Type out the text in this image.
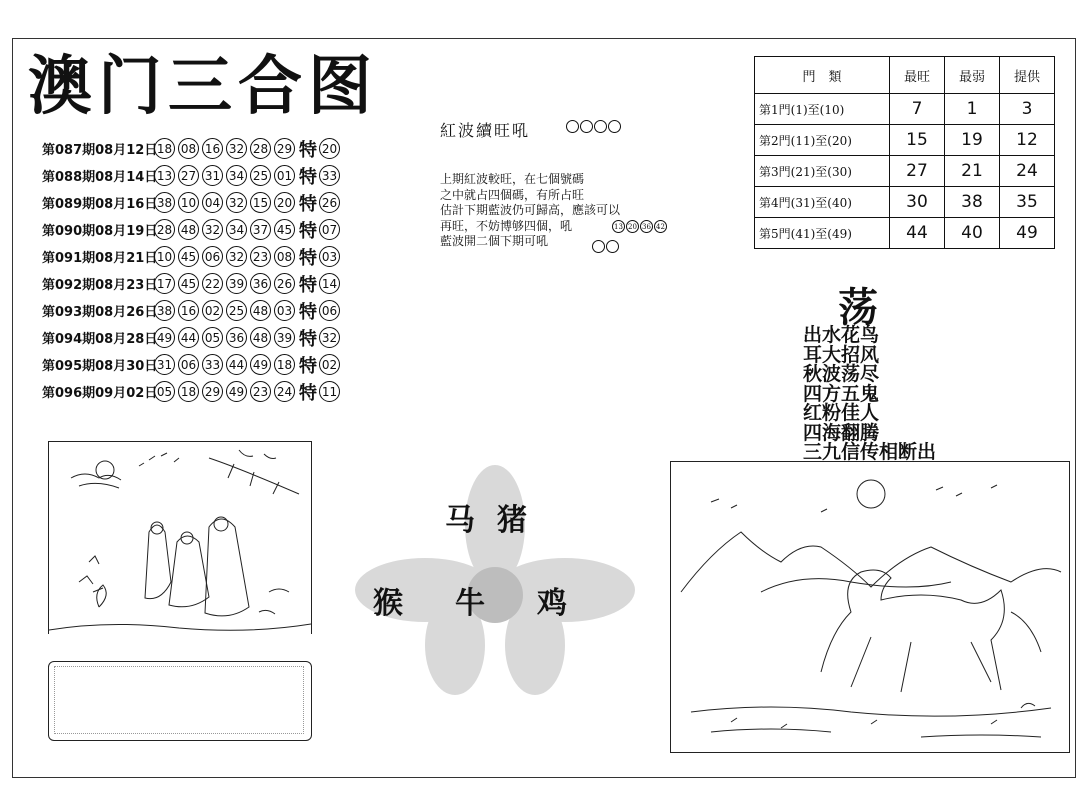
澳门三合图
第087期08月12日 18 08 16 32 28 29 特 20
第088期08月14日 13 27 31 34 25 01 特 33
第089期08月16日 38 10 04 32 15 20 特 26
第090期08月19日 28 48 32 34 37 45 特 07
第091期08月21日 10 45 06 32 23 08 特 03
第092期08月23日 17 45 22 39 36 26 特 14
第093期08月26日 38 16 02 25 48 03 特 06
第094期08月28日 49 44 05 36 48 39 特 32
第095期08月30日 31 06 33 44 49 18 特 02
第096期09月02日 05 18 29 49 23 24 特 11
紅波續旺吼
上期紅波較旺，在七個號碼
之中就占四個碼，有所占旺
估計下期藍波仍可歸高，應該可以
再旺，不妨博够四個，吼
藍波開二個下期可吼
13 20 36 42
門　類	最旺	最弱	提供
第1門(1)至(10)	7	1	3
第2門(11)至(20)	15	19	12
第3門(21)至(30)	27	21	24
第4門(31)至(40)	30	38	35
第5門(41)至(49)	44	40	49
荡
出水花鸟
耳大招风
秋波荡尽
四方五鬼
红粉佳人
四海翻腾
三九信传相断出
马猪
猴 牛 鸡
